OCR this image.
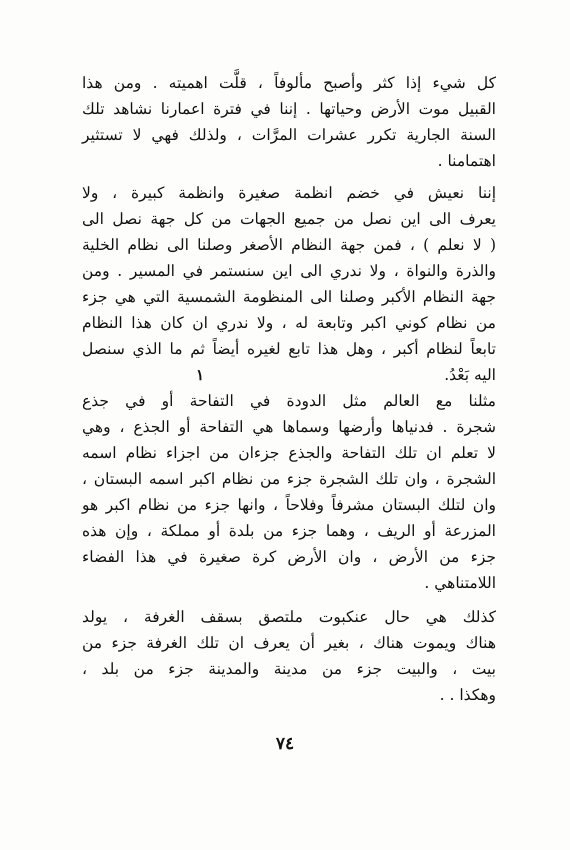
كل شيء إذا كثر وأصبح مألوفاً ، قلَّت اهميته . ومن هذا
القبيل موت الأرض وحياتها . إننا في فترة اعمارنا نشاهد تلك
السنة الجارية تكرر عشرات المرَّات ، ولذلك فهي لا تستثير
اهتمامنا .
إننا نعيش في خضم انظمة صغيرة وانظمة كبيرة ، ولا
يعرف الى اين نصل من جميع الجهات من كل جهة نصل الى
( لا نعلم ) ، فمن جهة النظام الأصغر وصلنا الى نظام الخلية
والذرة والنواة ، ولا ندري الى اين سنستمر في المسير . ومن
جهة النظام الأكبر وصلنا الى المنظومة الشمسية التي هي جزء
من نظام كوني اكبر وتابعة له ، ولا ندري ان كان هذا النظام
تابعاً لنظام أكبر ، وهل هذا تابع لغيره أيضاً ثم ما الذي سنصل
اليه بَعْدُ.
١
مثلنا مع العالم مثل الدودة في التفاحة أو في جذع
شجرة . فدنياها وأرضها وسماها هي التفاحة أو الجذع ، وهي
لا تعلم ان تلك التفاحة والجذع جزءان من اجزاء نظام اسمه
الشجرة ، وان تلك الشجرة جزء من نظام اكبر اسمه البستان ،
وان لتلك البستان مشرفاً وفلاحاً ، وانها جزء من نظام اكبر هو
المزرعة أو الريف ، وهما جزء من بلدة أو مملكة ، وإن هذه
جزء من الأرض ، وان الأرض كرة صغيرة في هذا الفضاء
اللامتناهي .
كذلك هي حال عنكبوت ملتصق بسقف الغرفة ، يولد
هناك ويموت هناك ، بغير أن يعرف ان تلك الغرفة جزء من
بيت ، والبيت جزء من مدينة والمدينة جزء من بلد ،
وهكذا . .
٧٤
